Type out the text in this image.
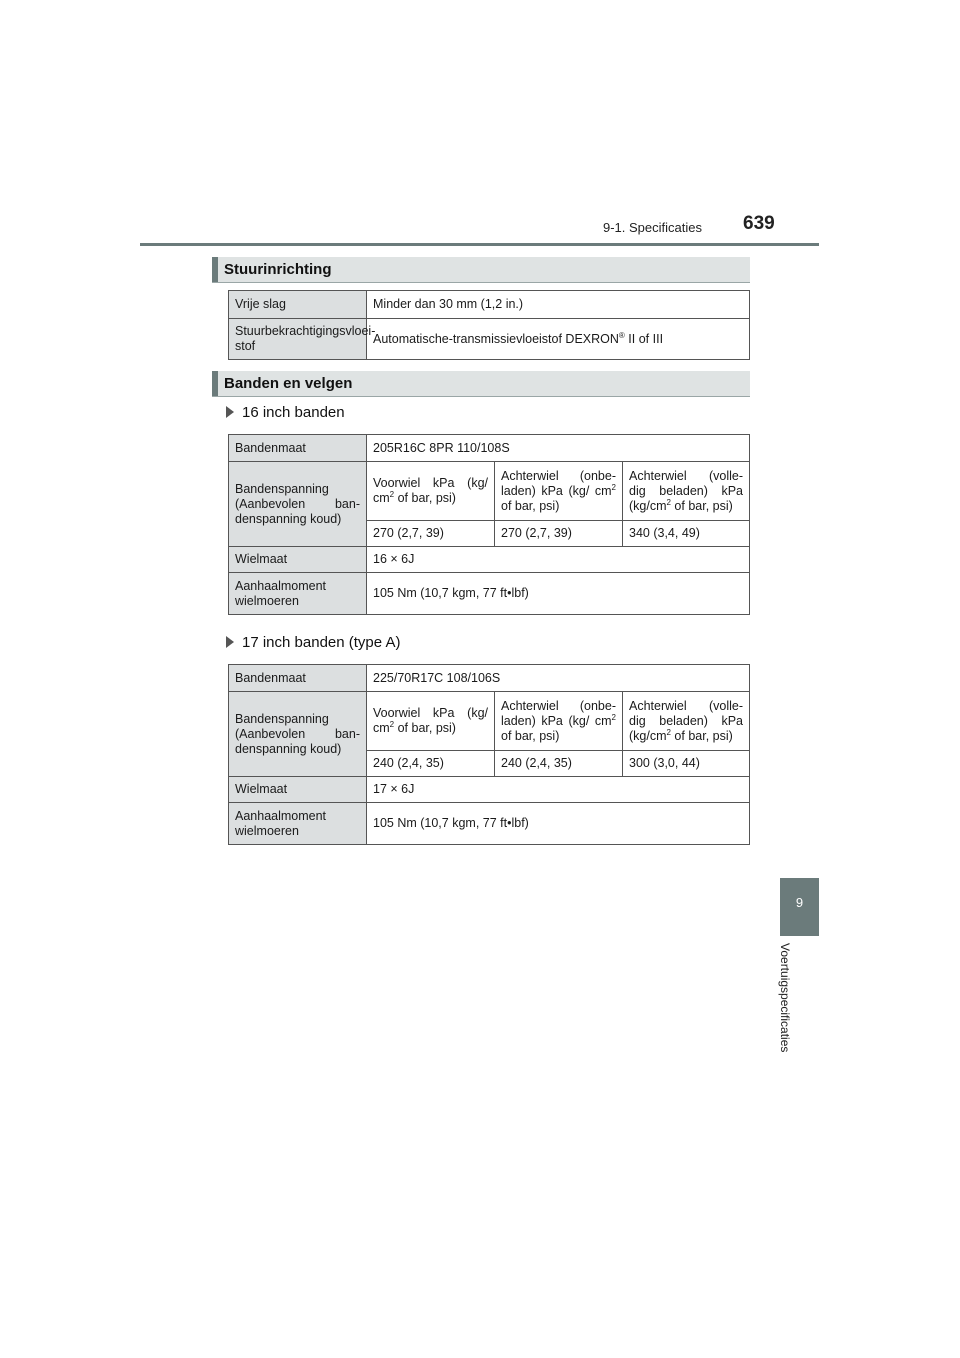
9-1. Specificaties 639
9
Voertuigspecificaties
Stuurinrichting
Vrije slag	Minder dan 30 mm (1,2 in.)
Stuurbekrachtigingsvloei-
stof	Automatische-transmissievloeistof DEXRON® II of III
Banden en velgen
16 inch banden
Bandenmaat	205R16C 8PR 110/108S		
Bandenspanning (Aanbevolen ban- denspanning koud)	Voorwiel kPa (kg/ $cm^2$ of bar, psi)	Achterwiel (onbe- laden) kPa (kg/ $cm^2$ of bar, psi)	Achterwiel (volle- dig beladen) kPa ($kg/cm^2$ of bar, psi)
	270 (2,7, 39)	270 (2,7, 39)	340 (3,4, 49)
Wielmaat	16 × 6J		
Aanhaalmoment
wielmoeren	105 Nm (10,7 kgm, 77 ft•lbf)		
17 inch banden (type A)
Bandenmaat	225/70R17C 108/106S		
Bandenspanning (Aanbevolen ban- denspanning koud)	Voorwiel kPa (kg/ $cm^2$ of bar, psi)	Achterwiel (onbe- laden) kPa (kg/ $cm^2$ of bar, psi)	Achterwiel (volle- dig beladen) kPa ($kg/cm^2$ of bar, psi)
	240 (2,4, 35)	240 (2,4, 35)	300 (3,0, 44)
Wielmaat	17 × 6J		
Aanhaalmoment
wielmoeren	105 Nm (10,7 kgm, 77 ft•lbf)		
